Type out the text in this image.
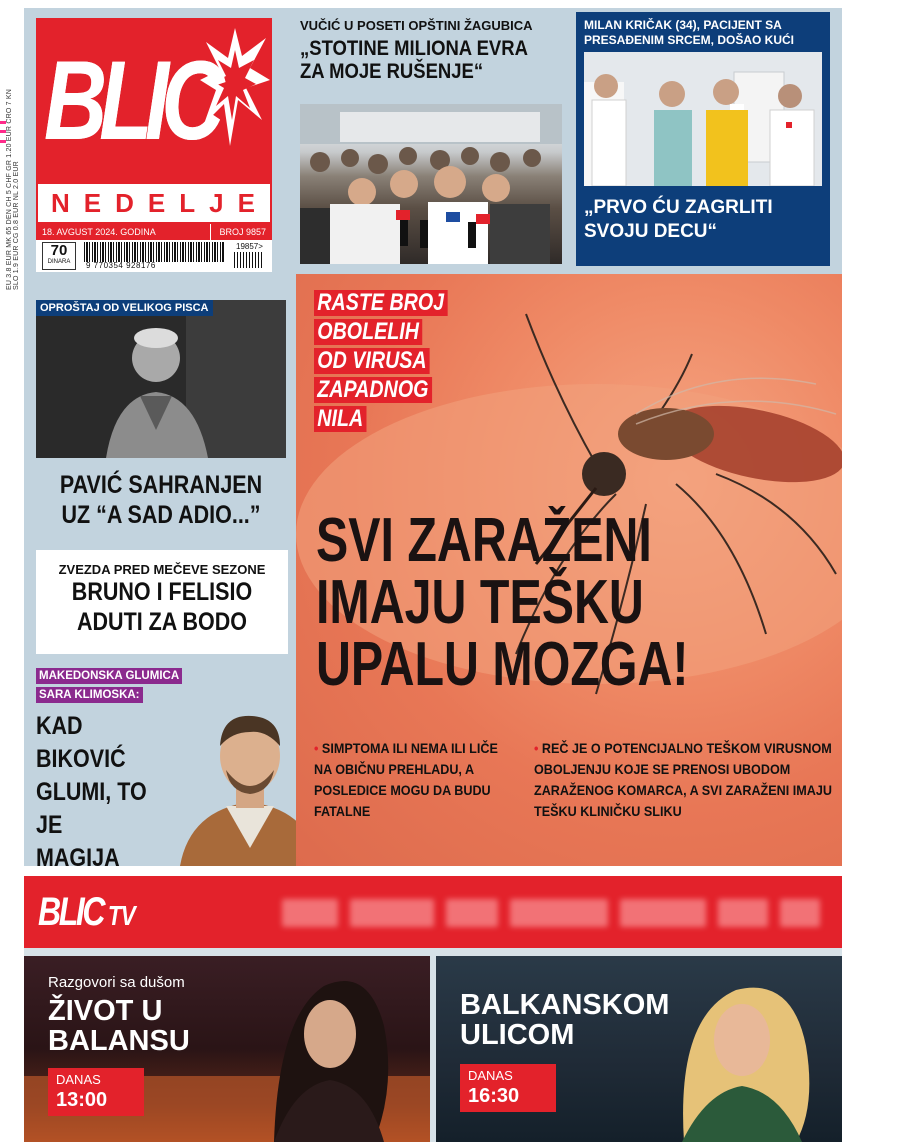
EU 3.8 EUR MK 65 DEN CH 5 CHF GR 1.20 EUR CRO 7 KN SLO 1.9 EUR CG 0.8 EUR NL 2.0 EUR
BLIC
NEDELJE
18. AVGUST 2024. GODINA	BROJ 9857
70
DINARA	9 770354 928176
19857>
VUČIĆ U POSETI OPŠTINI ŽAGUBICA
„STOTINE MILIONA EVRA
ZA MOJE RUŠENJE“
MILAN KRIČAK (34), PACIJENT SA PRESAĐENIM SRCEM, DOŠAO KUĆI
„PRVO ĆU ZAGRLITI
SVOJU DECU“
OPROŠTAJ OD VELIKOG PISCA
PAVIĆ SAHRANJEN
UZ “A SAD ADIO...”
ZVEZDA PRED MEČEVE SEZONE
BRUNO I FELISIO
ADUTI ZA BODO
MAKEDONSKA GLUMICA

SARA KLIMOSKA:
KAD
BIKOVIĆ
GLUMI, TO
JE MAGIJA
RASTE BROJ
OBOLELIH
OD VIRUSA
ZAPADNOG
NILA
SVI ZARAŽENI
IMAJU TEŠKU
UPALU MOZGA!
• SIMPTOMA ILI NEMA ILI LIČE NA OBIČNU PREHLADU, A POSLEDICE MOGU DA BUDU FATALNE
• REČ JE O POTENCIJALNO TEŠKOM VIRUSNOM OBOLJENJU KOJE SE PRENOSI UBODOM ZARAŽENOG KOMARCA, A SVI ZARAŽENI IMAJU TEŠKU KLINIČKU SLIKU
BLIC TV
Razgovori sa dušom
ŽIVOT U
BALANSU
DANAS
13:00
BALKANSKOM
ULICOM
DANAS
16:30
